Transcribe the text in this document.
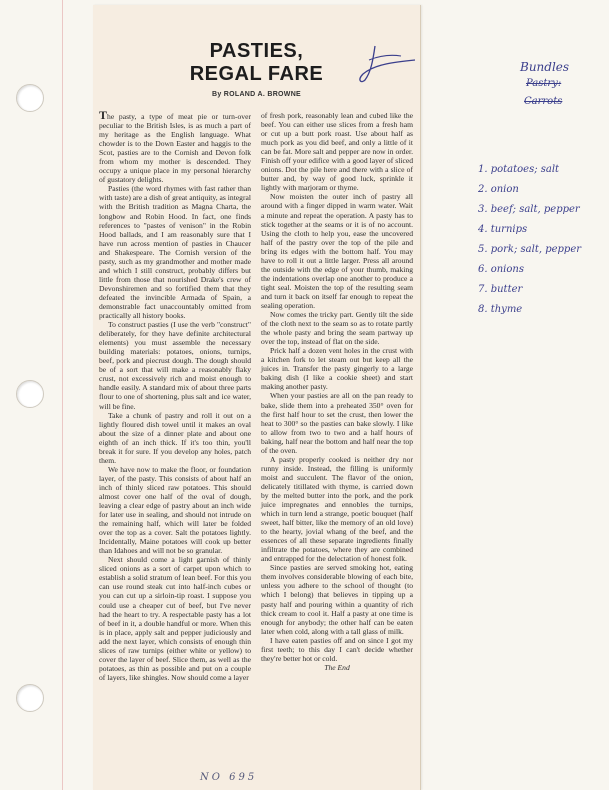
PASTIES,
REGAL FARE
By ROLAND A. BROWNE

The pasty, a type of meat pie or turn-over peculiar to the British Isles, is as much a part of my heritage as the English language. What chowder is to the Down Easter and haggis to the Scot, pasties are to the Cornish and Devon folk from whom my mother is descended. They occupy a unique place in my personal hierarchy of gustatory delights.

Pasties (the word rhymes with fast rather than with taste) are a dish of great antiquity, as integral with the British tradition as Magna Charta, the longbow and Robin Hood. In fact, one finds references to "pastes of venison" in the Robin Hood ballads, and I am reasonably sure that I have run across mention of pasties in Chaucer and Shakespeare. The Cornish version of the pasty, such as my grandmother and mother made and which I still construct, probably differs but little from those that nourished Drake's crew of Devonshiremen and so fortified them that they defeated the invincible Armada of Spain, a demonstrable fact unaccountably omitted from practically all history books.

To construct pasties (I use the verb "construct" deliberately, for they have definite architectural elements) you must assemble the necessary building materials: potatoes, onions, turnips, beef, pork and piecrust dough. The dough should be of a sort that will make a reasonably flaky crust, not excessively rich and moist enough to handle easily. A standard mix of about three parts flour to one of shortening, plus salt and ice water, will be fine.

Take a chunk of pastry and roll it out on a lightly floured dish towel until it makes an oval about the size of a dinner plate and about one eighth of an inch thick. If it's too thin, you'll break it for sure. If you develop any holes, patch them.

We have now to make the floor, or foundation layer, of the pasty. This consists of about half an inch of thinly sliced raw potatoes. This should almost cover one half of the oval of dough, leaving a clear edge of pastry about an inch wide for later use in sealing, and should not intrude on the remaining half, which will later be folded over the top as a cover. Salt the potatoes lightly. Incidentally, Maine potatoes will cook up better than Idahoes and will not be so granular.

Next should come a light garnish of thinly sliced onions as a sort of carpet upon which to establish a solid stratum of lean beef. For this you can use round steak cut into half-inch cubes or you can cut up a sirloin-tip roast. I suppose you could use a cheaper cut of beef, but I've never had the heart to try. A respectable pasty has a lot of beef in it, a double handful or more. When this is in place, apply salt and pepper judiciously and add the next layer, which consists of enough thin slices of raw turnips (either white or yellow) to cover the layer of beef. Slice them, as well as the potatoes, as thin as possible and put on a couple of layers, like shingles. Now should come a layer

of fresh pork, reasonably lean and cubed like the beef. You can either use slices from a fresh ham or cut up a butt pork roast. Use about half as much pork as you did beef, and only a little of it can be fat. More salt and pepper are now in order. Finish off your edifice with a good layer of sliced onions. Dot the pile here and there with a slice of butter and, by way of good luck, sprinkle it lightly with marjoram or thyme.

Now moisten the outer inch of pastry all around with a finger dipped in warm water. Wait a minute and repeat the operation. A pasty has to stick together at the seams or it is of no account. Using the cloth to help you, ease the uncovered half of the pastry over the top of the pile and bring its edges with the bottom half. You may have to roll it out a little larger. Press all around the outside with the edge of your thumb, making the indentations overlap one another to produce a tight seal. Moisten the top of the resulting seam and turn it back on itself far enough to repeat the sealing operation.

Now comes the tricky part. Gently tilt the side of the cloth next to the seam so as to rotate partly the whole pasty and bring the seam partway up over the top, instead of flat on the side.

Prick half a dozen vent holes in the crust with a kitchen fork to let steam out but keep all the juices in. Transfer the pasty gingerly to a large baking dish (I like a cookie sheet) and start making another pasty.

When your pasties are all on the pan ready to bake, slide them into a preheated 350° oven for the first half hour to set the crust, then lower the heat to 300° so the pasties can bake slowly. I like to allow from two to two and a half hours of baking, half near the bottom and half near the top of the oven.

A pasty properly cooked is neither dry nor runny inside. Instead, the filling is uniformly moist and succulent. The flavor of the onion, delicately titillated with thyme, is carried down by the melted butter into the pork, and the pork juice impregnates and ennobles the turnips, which in turn lend a strange, poetic bouquet (half sweet, half bitter, like the memory of an old love) to the hearty, jovial whang of the beef, and the essences of all these separate ingredients finally infiltrate the potatoes, where they are combined and entrapped for the delectation of honest folk.

Since pasties are served smoking hot, eating them involves considerable blowing of each bite, unless you adhere to the school of thought (to which I belong) that believes in tipping up a pasty half and pouring within a quantity of rich thick cream to cool it. Half a pasty at one time is enough for anybody; the other half can be eaten later when cold, along with a tall glass of milk.

I have eaten pasties off and on since I got my first teeth; to this day I can't decide whether they're better hot or cold.

The End

Bundles
Pastry:
Carrots
1. potatoes; salt
2. onion
3. beef; salt, pepper
4. turnips
5. pork; salt, pepper
6. onions
7. butter
8. thyme
NO 695
